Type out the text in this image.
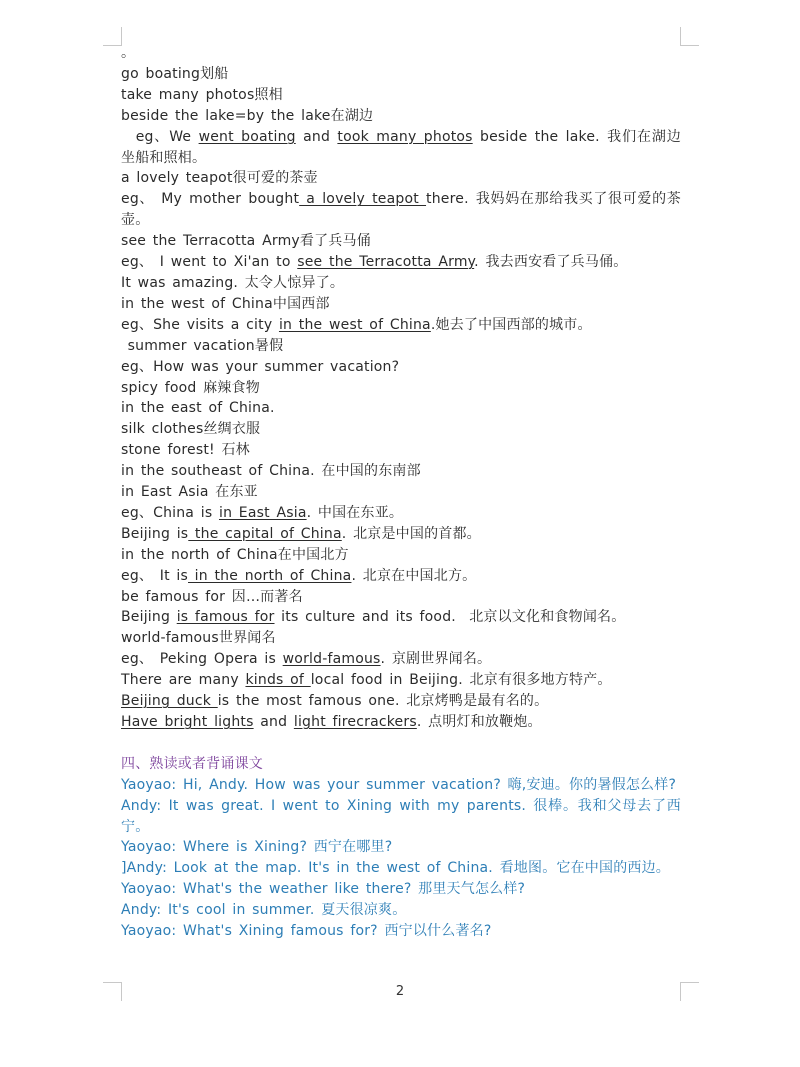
。
go boating划船
take many photos照相
beside the lake=by the lake在湖边
eg、We went boating and took many photos beside the lake. 我们在湖边坐船和照相。
a lovely teapot很可爱的茶壶
eg、 My mother bought a lovely teapot there. 我妈妈在那给我买了很可爱的茶壶。
see the Terracotta Army看了兵马俑
eg、 I went to Xi'an to see the Terracotta Army. 我去西安看了兵马俑。
It was amazing. 太令人惊异了。
in the west of China中国西部
eg、She visits a city in the west of China.她去了中国西部的城市。
summer vacation暑假
eg、How was your summer vacation?
spicy food 麻辣食物
in the east of China.
silk clothes丝绸衣服
stone forest! 石林
in the southeast of China. 在中国的东南部
in East Asia 在东亚
eg、China is in East Asia. 中国在东亚。
Beijing is the capital of China. 北京是中国的首都。
in the north of China在中国北方
eg、 It is in the north of China. 北京在中国北方。
be famous for 因…而著名
Beijing is famous for its culture and its food.  北京以文化和食物闻名。
world-famous世界闻名
eg、 Peking Opera is world-famous. 京剧世界闻名。
There are many kinds of local food in Beijing. 北京有很多地方特产。
Beijing duck is the most famous one. 北京烤鸭是最有名的。
Have bright lights and light firecrackers. 点明灯和放鞭炮。
四、熟读或者背诵课文
Yaoyao: Hi, Andy. How was your summer vacation? 嗨,安迪。你的暑假怎么样?
Andy: It was great. I went to Xining with my parents. 很棒。我和父母去了西宁。
Yaoyao: Where is Xining? 西宁在哪里?
]Andy: Look at the map. It's in the west of China. 看地图。它在中国的西边。
Yaoyao: What's the weather like there? 那里天气怎么样?
Andy: It's cool in summer. 夏天很凉爽。
Yaoyao: What's Xining famous for? 西宁以什么著名?
2
